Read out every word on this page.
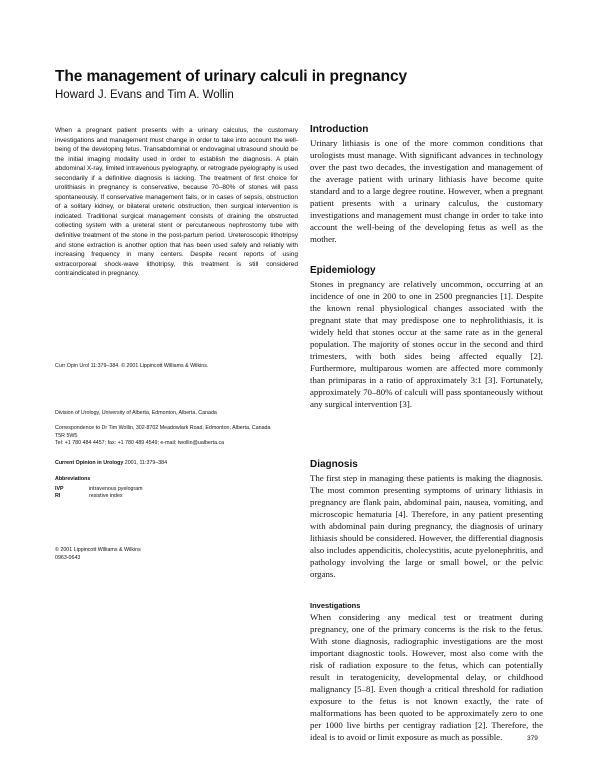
The management of urinary calculi in pregnancy

Howard J. Evans and Tim A. Wollin

When a pregnant patient presents with a urinary calculus, the customary investigations and management must change in order to take into account the well-being of the developing fetus. Transabdominal or endovaginal ultrasound should be the initial imaging modality used in order to establish the diagnosis. A plain abdominal X-ray, limited intravenous pyelography, or retrograde pyelography is used secondarily if a definitive diagnosis is lacking. The treatment of first choice for urolithiasis in pregnancy is conservative, because 70–80% of stones will pass spontaneously. If conservative management fails, or in cases of sepsis, obstruction of a solitary kidney, or bilateral ureteric obstruction, then surgical intervention is indicated. Traditional surgical management consists of draining the obstructed collecting system with a ureteral stent or percutaneous nephrostomy tube with definitive treatment of the stone in the post-partum period. Ureteroscopic lithotripsy and stone extraction is another option that has been used safely and reliably with increasing frequency in many centers. Despite recent reports of using extracorporeal shock-wave lithotripsy, this treatment is still considered contraindicated in pregnancy.

Curr Opin Urol 11:379–384. © 2001 Lippincott Williams & Wilkins.

Division of Urology, University of Alberta, Edmonton, Alberta, Canada

Correspondence to Dr Tim Wollin, 302-8702 Meadowlark Road, Edmonton, Alberta, Canada T5R 5W5
Tel: +1 780 484 4457; fax: +1 780 489 4549; e-mail: twollin@ualberta.ca

Current Opinion in Urology 2001, 11:379–384

Abbreviations

IVP	intravenous pyelogram

RI	resistive index

© 2001 Lippincott Williams & Wilkins
0963-0643

Introduction

Urinary lithiasis is one of the more common conditions that urologists must manage. With significant advances in technology over the past two decades, the investigation and management of the average patient with urinary lithiasis have become quite standard and to a large degree routine. However, when a pregnant patient presents with a urinary calculus, the customary investigations and management must change in order to take into account the well-being of the developing fetus as well as the mother.

Epidemiology

Stones in pregnancy are relatively uncommon, occurring at an incidence of one in 200 to one in 2500 pregnancies [1]. Despite the known renal physiological changes associated with the pregnant state that may predispose one to nephrolithiasis, it is widely held that stones occur at the same rate as in the general population. The majority of stones occur in the second and third trimesters, with both sides being affected equally [2]. Furthermore, multiparous women are affected more commonly than primiparas in a ratio of approximately 3:1 [3]. Fortunately, approximately 70–80% of calculi will pass spontaneously without any surgical intervention [3].

Diagnosis

The first step in managing these patients is making the diagnosis. The most common presenting symptoms of urinary lithiasis in pregnancy are flank pain, abdominal pain, nausea, vomiting, and microscopic hematuria [4]. Therefore, in any patient presenting with abdominal pain during pregnancy, the diagnosis of urinary lithiasis should be considered. However, the differential diagnosis also includes appendicitis, cholecystitis, acute pyelonephritis, and pathology involving the large or small bowel, or the pelvic organs.

Investigations

When considering any medical test or treatment during pregnancy, one of the primary concerns is the risk to the fetus. With stone diagnosis, radiographic investigations are the most important diagnostic tools. However, most also come with the risk of radiation exposure to the fetus, which can potentially result in teratogenicity, developmental delay, or childhood malignancy [5–8]. Even though a critical threshold for radiation exposure to the fetus is not known exactly, the rate of malformations has been quoted to be approximately zero to one per 1000 live births per centigray radiation [2]. Therefore, the ideal is to avoid or limit exposure as much as possible.	379
